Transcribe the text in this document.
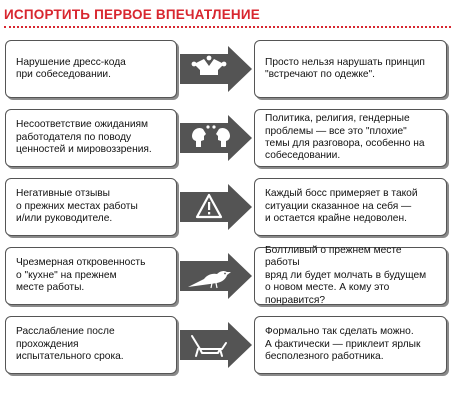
ИСПОРТИТЬ ПЕРВОЕ ВПЕЧАТЛЕНИЕ
Нарушение дресс-кода
при собеседовании.
Просто нельзя нарушать принцип
"встречают по одежке".
Несоответствие ожиданиям
работодателя по поводу
ценностей и мировоззрения.
Политика, религия, гендерные
проблемы — все это "плохие"
темы для разговора, особенно на
собеседовании.
Негативные отзывы
о прежних местах работы
и/или руководителе.
Каждый босс примеряет в такой
ситуации сказанное на себя —
и остается крайне недоволен.
Чрезмерная откровенность
о "кухне" на прежнем
месте работы.
Болтливый о прежнем месте работы
вряд ли будет молчать в будущем
о новом месте. А кому это понравится?
Расслабление после
прохождения
испытательного срока.
Формально так сделать можно.
А фактически — приклеит ярлык
бесполезного работника.
